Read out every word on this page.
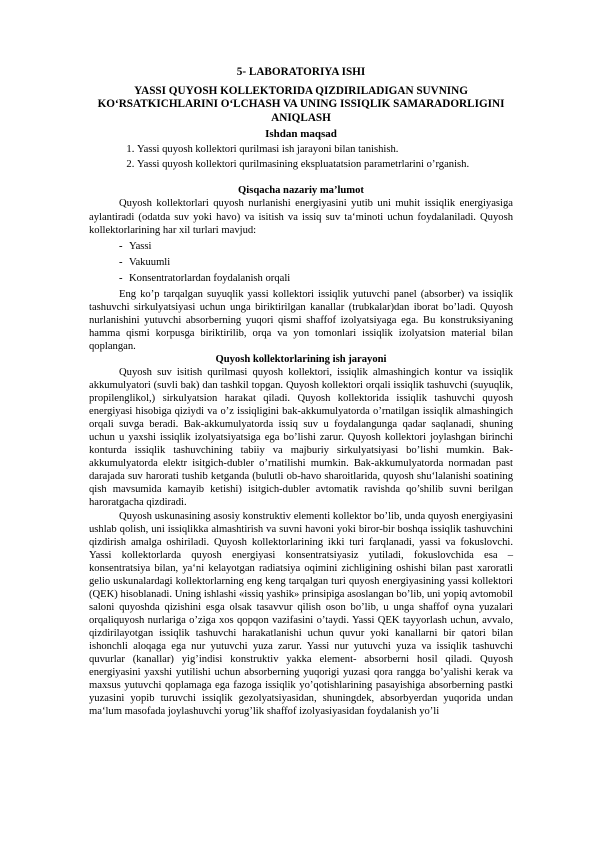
5- LABORATORIYA ISHI
YASSI QUYOSH KOLLEKTORIDA QIZDIRILADIGAN SUVNING KO‘RSATKICHLARINI O‘LCHASH VA UNING ISSIQLIK SAMARADORLIGINI ANIQLASH
Ishdan maqsad
1. Yassi quyosh kollektori qurilmasi ish jarayoni bilan tanishish.
2. Yassi quyosh kollektori qurilmasining ekspluatatsion parametrlarini o’rganish.
Qisqacha nazariy ma’lumot

Quyosh kollektorlari quyosh nurlanishi energiyasini yutib uni muhit issiqlik energiyasiga aylantiradi (odatda suv yoki havo) va isitish va issiq suv ta‘minoti uchun foydalaniladi. Quyosh kollektorlarining har xil turlari mavjud:

- Yassi
- Vakuumli
- Konsentratorlardan foydalanish orqali

Eng ko’p tarqalgan suyuqlik yassi kollektori issiqlik yutuvchi panel (absorber) va issiqlik tashuvchi sirkulyatsiyasi uchun unga biriktirilgan kanallar (trubkalar)dan iborat bo’ladi. Quyosh nurlanishini yutuvchi absorberning yuqori qismi shaffof izolyatsiyaga ega. Bu konstruksiyaning hamma qismi korpusga biriktirilib, orqa va yon tomonlari issiqlik izolyatsion material bilan qoplangan.

Quyosh kollektorlarining ish jarayoni

Quyosh suv isitish qurilmasi quyosh kollektori, issiqlik almashingich kontur va issiqlik akkumulyatori (suvli bak) dan tashkil topgan. Quyosh kollektori orqali issiqlik tashuvchi (suyuqlik, propilenglikol,) sirkulyatsion harakat qiladi. Quyosh kollektorida issiqlik tashuvchi quyosh energiyasi hisobiga qiziydi va o’z issiqligini bak-akkumulyatorda o’rnatilgan issiqlik almashingich orqali suvga beradi. Bak-akkumulyatorda issiq suv u foydalangunga qadar saqlanadi, shuning uchun u yaxshi issiqlik izolyatsiyatsiga ega bo’lishi zarur. Quyosh kollektori joylashgan birinchi konturda issiqlik tashuvchining tabiiy va majburiy sirkulyatsiyasi bo’lishi mumkin. Bak-akkumulyatorda elektr isitgich-dubler o’rnatilishi mumkin. Bak-akkumulyatorda normadan past darajada suv harorati tushib ketganda (bulutli ob-havo sharoitlarida, quyosh shu‘lalanishi soatining qish mavsumida kamayib ketishi) isitgich-dubler avtomatik ravishda qo’shilib suvni berilgan haroratgacha qizdiradi.

Quyosh uskunasining asosiy konstruktiv elementi kollektor bo’lib, unda quyosh energiyasini ushlab qolish, uni issiqlikka almashtirish va suvni havoni yoki biror-bir boshqa issiqlik tashuvchini qizdirish amalga oshiriladi. Quyosh kollektorlarining ikki turi farqlanadi, yassi va fokuslovchi. Yassi kollektorlarda quyosh energiyasi konsentratsiyasiz yutiladi, fokuslovchida esa – konsentratsiya bilan, ya‘ni kelayotgan radiatsiya oqimini zichligining oshishi bilan past xaroratli gelio uskunalardagi kollektorlarning eng keng tarqalgan turi quyosh energiyasining yassi kollektori (QEK) hisoblanadi. Uning ishlashi «issiq yashik» prinsipiga asoslangan bo’lib, uni yopiq avtomobil saloni quyoshda qizishini esga olsak tasavvur qilish oson bo’lib, u unga shaffof oyna yuzalari orqaliquyosh nurlariga o’ziga xos qopqon vazifasini o’taydi. Yassi QEK tayyorlash uchun, avvalo, qizdirilayotgan issiqlik tashuvchi harakatlanishi uchun quvur yoki kanallarni bir qatori bilan ishonchli aloqaga ega nur yutuvchi yuza zarur. Yassi nur yutuvchi yuza va issiqlik tashuvchi quvurlar (kanallar) yig’indisi konstruktiv yakka element- absorberni hosil qiladi. Quyosh energiyasini yaxshi yutilishi uchun absorberning yuqorigi yuzasi qora rangga bo’yalishi kerak va maxsus yutuvchi qoplamaga ega fazoga issiqlik yo’qotishlarining pasayishiga absorberning pastki yuzasini yopib turuvchi issiqlik gezolyatsiyasidan, shuningdek, absorbyerdan yuqorida undan ma‘lum masofada joylashuvchi yorug’lik shaffof izolyasiyasidan foydalanish yo’li
